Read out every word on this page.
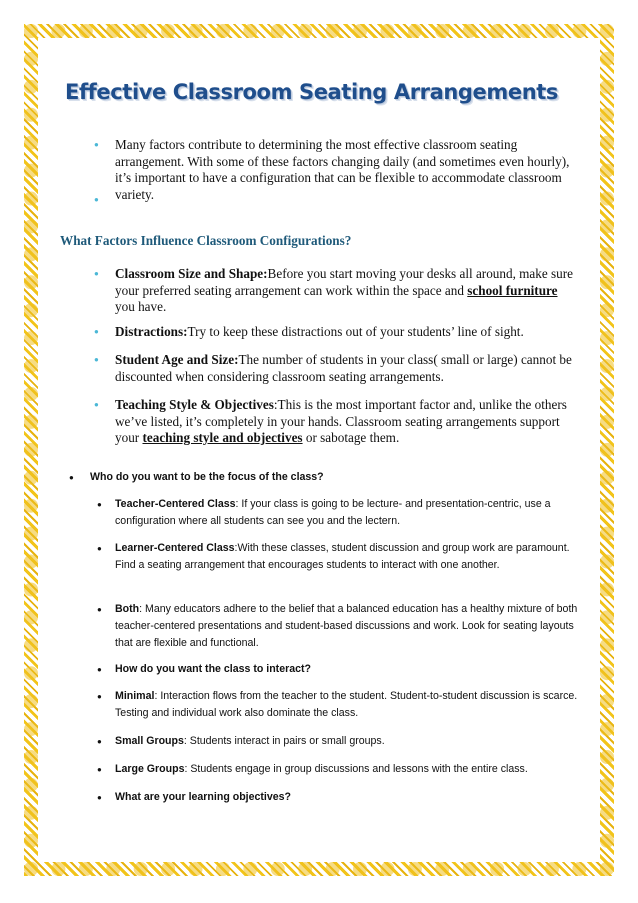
Effective Classroom Seating Arrangements
● Many factors contribute to determining the most effective classroom seating arrangement. With some of these factors changing daily (and sometimes even hourly), it’s important to have a configuration that can be flexible to accommodate classroom variety.
What Factors Influence Classroom Configurations?
● Classroom Size and Shape:Before you start moving your desks all around, make sure your preferred seating arrangement can work within the space and school furniture you have.
● Distractions:Try to keep these distractions out of your students’ line of sight.
● Student Age and Size:The number of students in your class( small or large) cannot be discounted when considering classroom seating arrangements.
● Teaching Style & Objectives:This is the most important factor and, unlike the others we’ve listed, it’s completely in your hands. Classroom seating arrangements support your teaching style and objectives or sabotage them.
● Who do you want to be the focus of the class?
● Teacher-Centered Class: If your class is going to be lecture- and presentation-centric, use a configuration where all students can see you and the lectern.
● Learner-Centered Class:With these classes, student discussion and group work are paramount. Find a seating arrangement that encourages students to interact with one another.
● Both: Many educators adhere to the belief that a balanced education has a healthy mixture of both teacher-centered presentations and student-based discussions and work. Look for seating layouts that are flexible and functional.
● How do you want the class to interact?
● Minimal: Interaction flows from the teacher to the student. Student-to-student discussion is scarce. Testing and individual work also dominate the class.
● Small Groups: Students interact in pairs or small groups.
● Large Groups: Students engage in group discussions and lessons with the entire class.
● What are your learning objectives?
